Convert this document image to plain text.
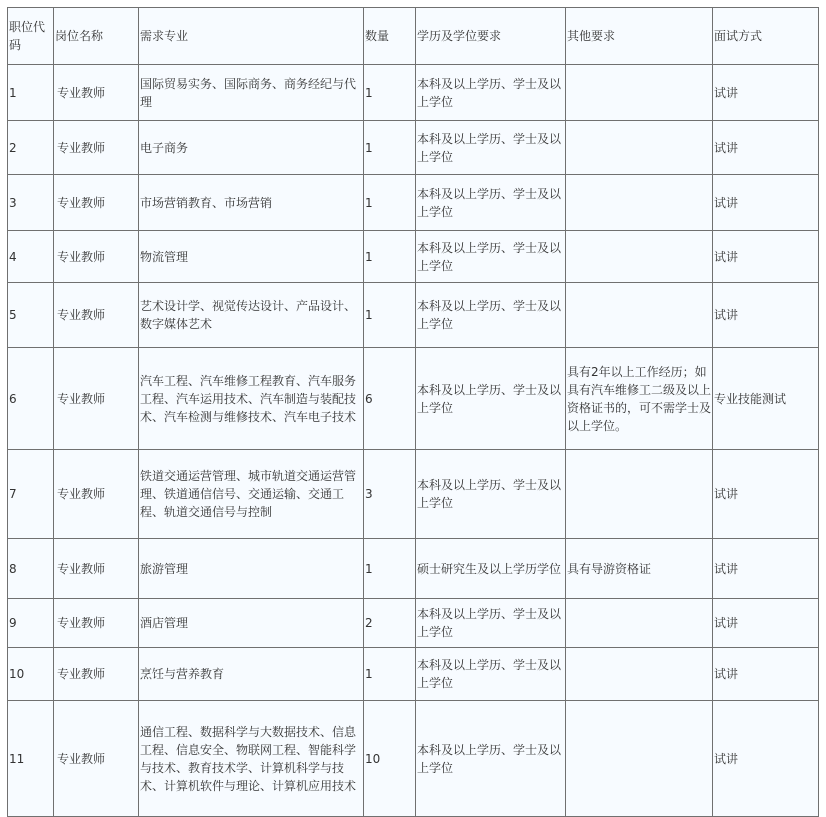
职位代码	岗位名称	需求专业	数量	学历及学位要求	其他要求	面试方式
1	专业教师	国际贸易实务、国际商务、商务经纪与代理	1	本科及以上学历、学士及以上学位		试讲
2	专业教师	电子商务	1	本科及以上学历、学士及以上学位		试讲
3	专业教师	市场营销教育、市场营销	1	本科及以上学历、学士及以上学位		试讲
4	专业教师	物流管理	1	本科及以上学历、学士及以上学位		试讲
5	专业教师	艺术设计学、视觉传达设计、产品设计、数字媒体艺术	1	本科及以上学历、学士及以上学位		试讲
6	专业教师	汽车工程、汽车维修工程教育、汽车服务工程、汽车运用技术、汽车制造与装配技术、汽车检测与维修技术、汽车电子技术	6	本科及以上学历、学士及以上学位	具有2年以上工作经历；如具有汽车维修工二级及以上资格证书的，可不需学士及以上学位。	专业技能测试
7	专业教师	铁道交通运营管理、城市轨道交通运营管理、铁道通信信号、交通运输、交通工程、轨道交通信号与控制	3	本科及以上学历、学士及以上学位		试讲
8	专业教师	旅游管理	1	硕士研究生及以上学历学位	具有导游资格证	试讲
9	专业教师	酒店管理	2	本科及以上学历、学士及以上学位		试讲
10	专业教师	烹饪与营养教育	1	本科及以上学历、学士及以上学位		试讲
11	专业教师	通信工程、数据科学与大数据技术、信息工程、信息安全、物联网工程、智能科学与技术、教育技术学、计算机科学与技术、计算机软件与理论、计算机应用技术	10	本科及以上学历、学士及以上学位		试讲
